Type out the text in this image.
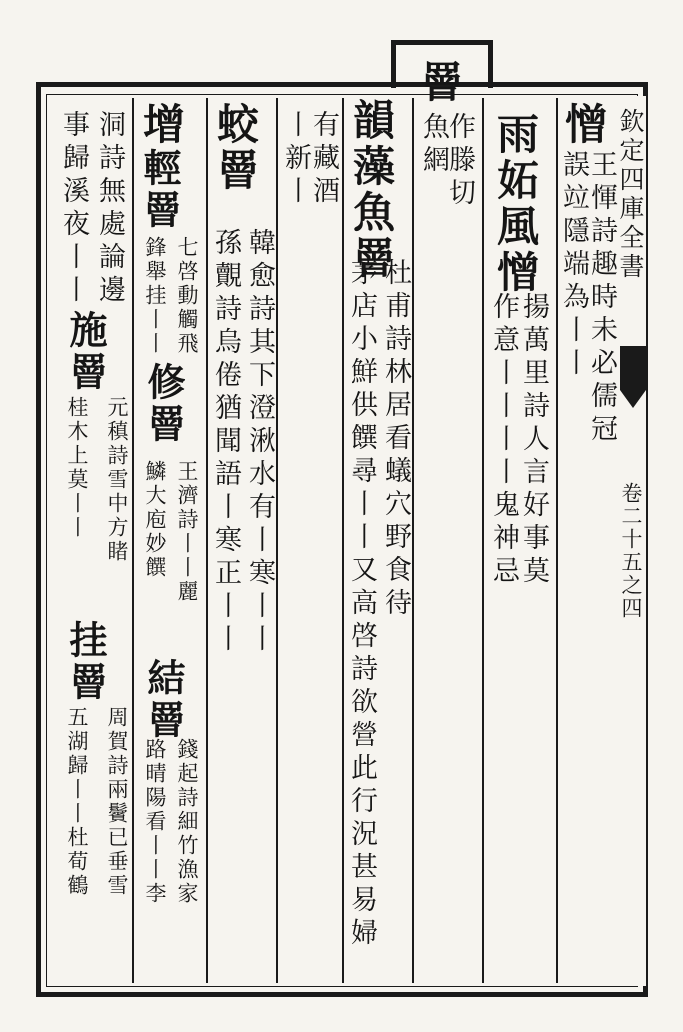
欽定四庫全書
卷二十五之四
憎
王惲詩趣時未必儒冠
誤竝隱端為丨丨
雨妬風憎
揚萬里詩人言好事莫
作意丨丨丨丨鬼神忌
罾
作滕切
魚網
韻藻魚罾
杜甫詩林居看蟻穴野食待
茅店小鮮供饌尋丨丨又高啓詩欲營此行況甚易婦
有藏酒
丨新丨
蛟罾
韓愈詩其下澄湫水有丨寒丨丨
孫覿詩烏倦猶聞語丨寒正丨丨
增
輕罾
七啓動觸飛
鋒舉挂丨丨
修罾
王濟詩丨丨麗
鱗大庖妙饌
結罾
錢起詩細竹漁家
路晴陽看丨丨李
洞詩無處論邊
施罾
元稹詩雪中方睹
事歸溪夜丨丨
桂木上莫丨丨
挂罾
周賀詩兩鬢已垂雪
五湖歸丨丨杜荀鶴
